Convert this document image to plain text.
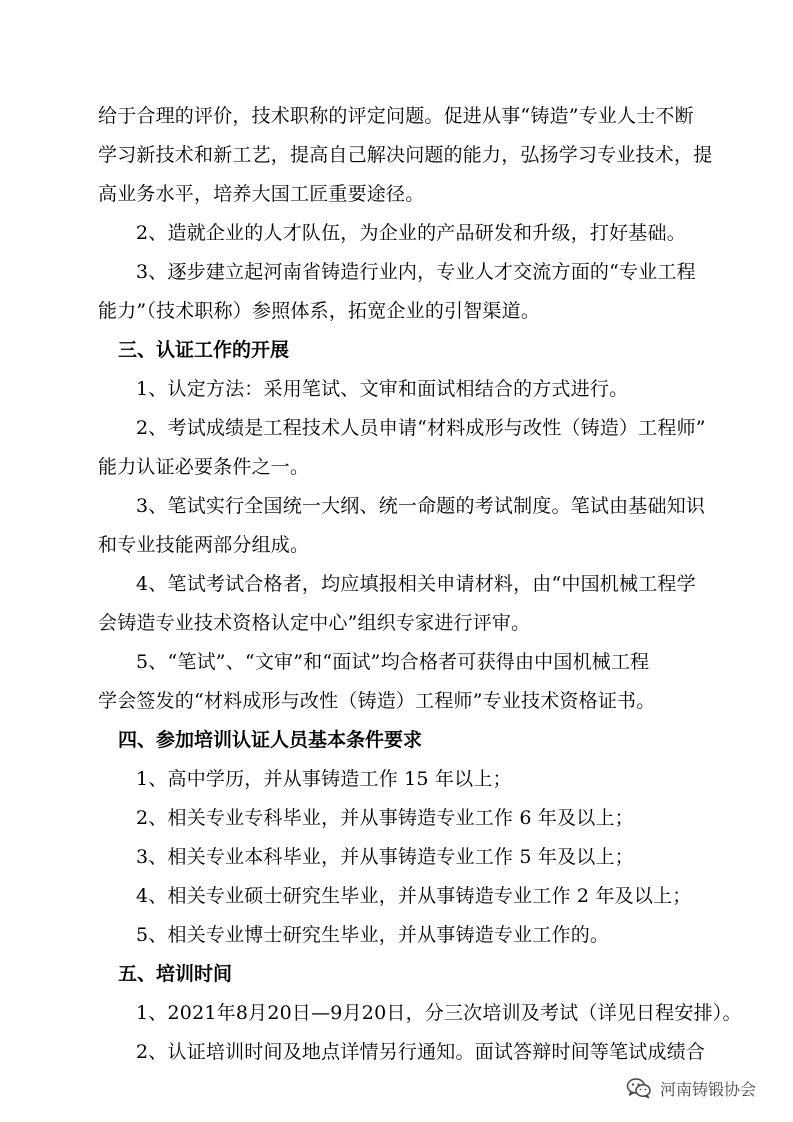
给于合理的评价，技术职称的评定问题。促进从事“铸造”专业人士不断
学习新技术和新工艺，提高自己解决问题的能力，弘扬学习专业技术，提
高业务水平，培养大国工匠重要途径。
2、造就企业的人才队伍，为企业的产品研发和升级，打好基础。
3、逐步建立起河南省铸造行业内，专业人才交流方面的“专业工程
能力”（技术职称）参照体系，拓宽企业的引智渠道。
三、认证工作的开展
1、认定方法：采用笔试、文审和面试相结合的方式进行。
2、考试成绩是工程技术人员申请“材料成形与改性（铸造）工程师”
能力认证必要条件之一。
3、笔试实行全国统一大纲、统一命题的考试制度。笔试由基础知识
和专业技能两部分组成。
4、笔试考试合格者，均应填报相关申请材料，由“中国机械工程学
会铸造专业技术资格认定中心”组织专家进行评审。
5、“笔试”、“文审”和“面试”均合格者可获得由中国机械工程
学会签发的“材料成形与改性（铸造）工程师”专业技术资格证书。
四、参加培训认证人员基本条件要求
1、高中学历，并从事铸造工作 15 年以上；
2、相关专业专科毕业，并从事铸造专业工作 6 年及以上；
3、相关专业本科毕业，并从事铸造专业工作 5 年及以上；
4、相关专业硕士研究生毕业，并从事铸造专业工作 2 年及以上；
5、相关专业博士研究生毕业，并从事铸造专业工作的。
五、培训时间
1、2021年8月20日—9月20日，分三次培训及考试（详见日程安排）。
2、认证培训时间及地点详情另行通知。面试答辩时间等笔试成绩合
河南铸锻协会
